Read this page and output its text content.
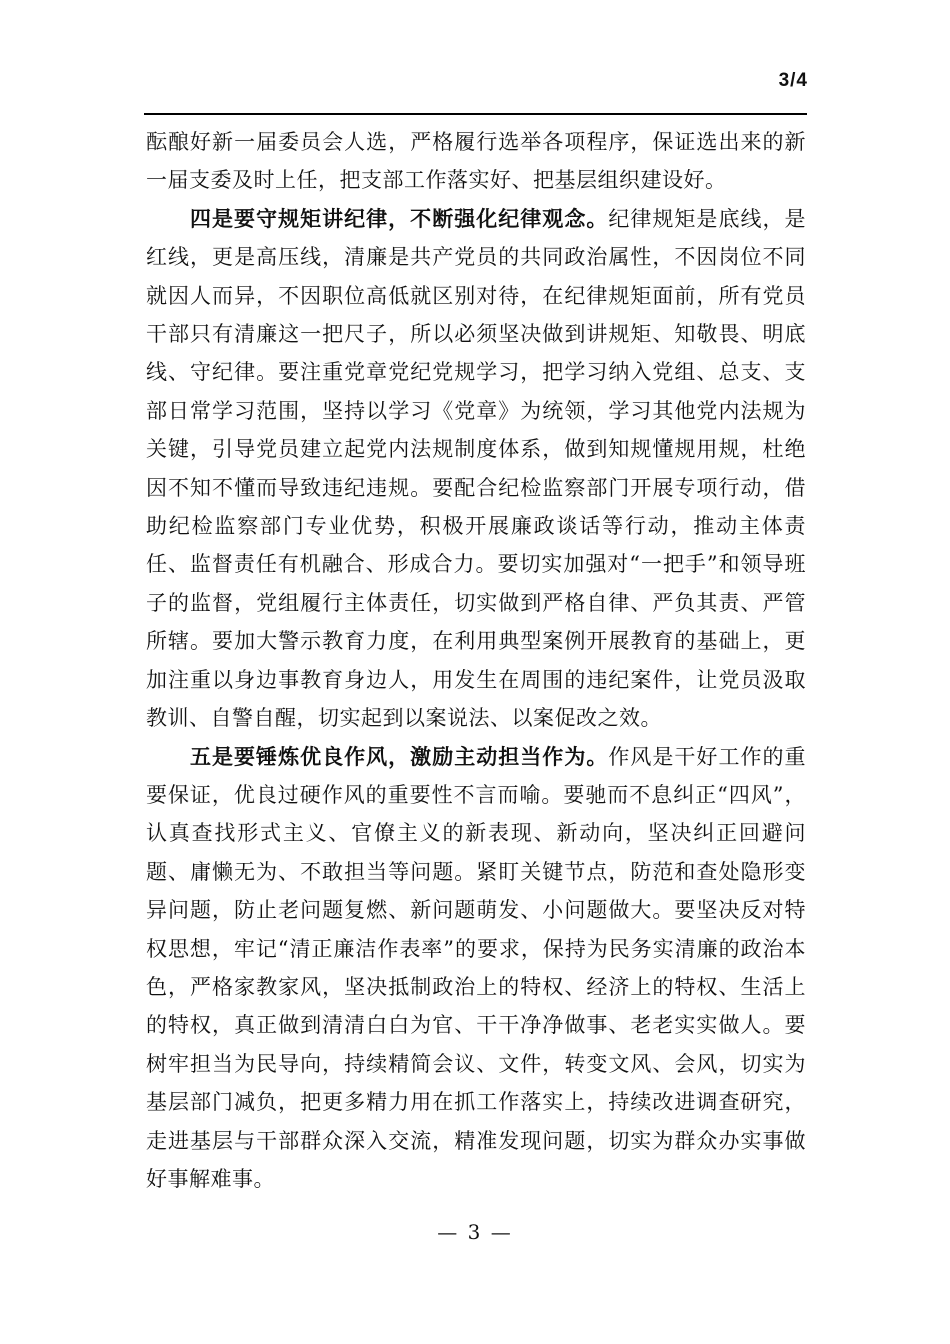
3/4

酝酿好新一届委员会人选，严格履行选举各项程序，保证选出来的新一届支委及时上任，把支部工作落实好、把基层组织建设好。

四是要守规矩讲纪律，不断强化纪律观念。纪律规矩是底线，是红线，更是高压线，清廉是共产党员的共同政治属性，不因岗位不同就因人而异，不因职位高低就区别对待，在纪律规矩面前，所有党员干部只有清廉这一把尺子，所以必须坚决做到讲规矩、知敬畏、明底线、守纪律。要注重党章党纪党规学习，把学习纳入党组、总支、支部日常学习范围，坚持以学习《党章》为统领，学习其他党内法规为关键，引导党员建立起党内法规制度体系，做到知规懂规用规，杜绝因不知不懂而导致违纪违规。要配合纪检监察部门开展专项行动，借助纪检监察部门专业优势，积极开展廉政谈话等行动，推动主体责任、监督责任有机融合、形成合力。要切实加强对“一把手”和领导班子的监督，党组履行主体责任，切实做到严格自律、严负其责、严管所辖。要加大警示教育力度，在利用典型案例开展教育的基础上，更加注重以身边事教育身边人，用发生在周围的违纪案件，让党员汲取教训、自警自醒，切实起到以案说法、以案促改之效。

五是要锤炼优良作风，激励主动担当作为。作风是干好工作的重要保证，优良过硬作风的重要性不言而喻。要驰而不息纠正“四风”，认真查找形式主义、官僚主义的新表现、新动向，坚决纠正回避问题、庸懒无为、不敢担当等问题。紧盯关键节点，防范和查处隐形变异问题，防止老问题复燃、新问题萌发、小问题做大。要坚决反对特权思想，牢记“清正廉洁作表率”的要求，保持为民务实清廉的政治本色，严格家教家风，坚决抵制政治上的特权、经济上的特权、生活上的特权，真正做到清清白白为官、干干净净做事、老老实实做人。要树牢担当为民导向，持续精简会议、文件，转变文风、会风，切实为基层部门减负，把更多精力用在抓工作落实上，持续改进调查研究，走进基层与干部群众深入交流，精准发现问题，切实为群众办实事做好事解难事。

— 3 —
